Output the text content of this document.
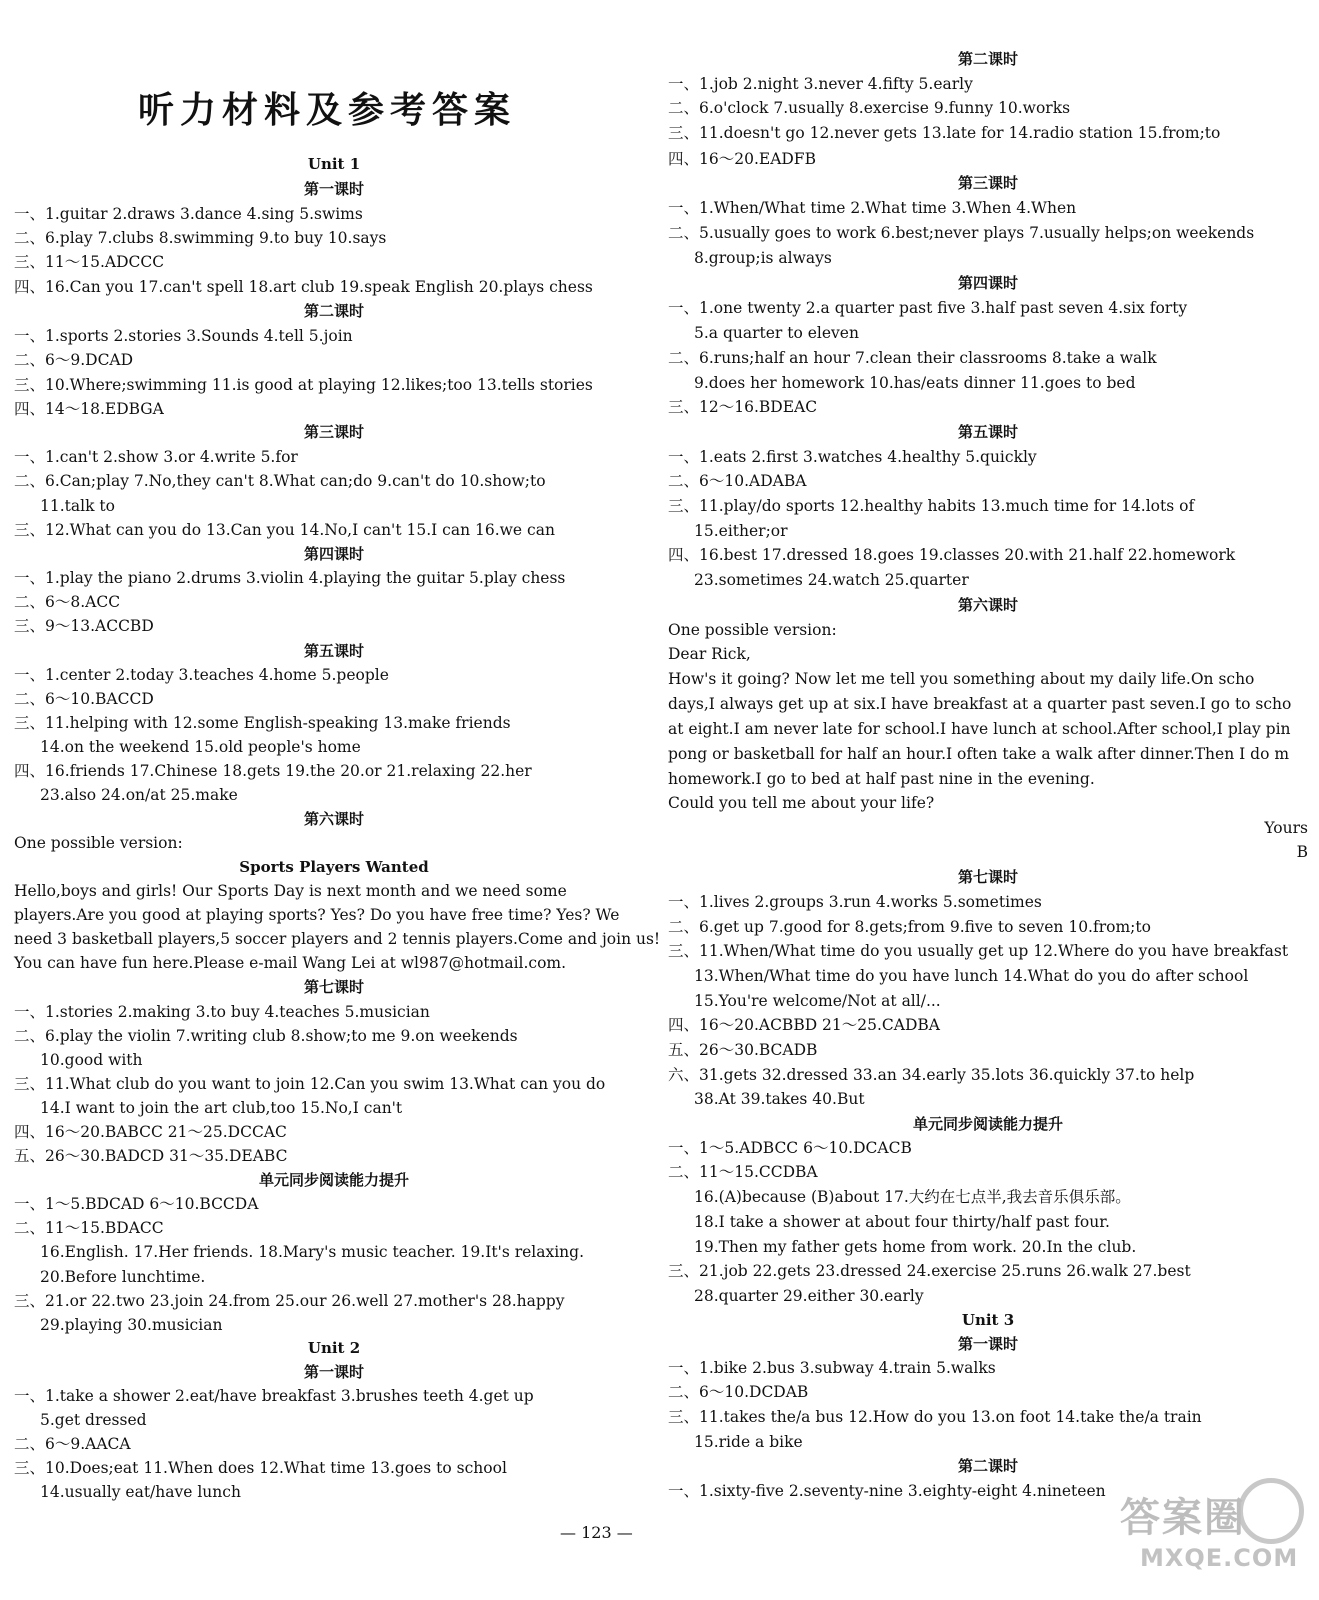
听力材料及参考答案
Unit 1
第一课时
一、1.guitar 2.draws 3.dance 4.sing 5.swims
二、6.play 7.clubs 8.swimming 9.to buy 10.says
三、11～15.ADCCC
四、16.Can you 17.can't spell 18.art club 19.speak English 20.plays chess
第二课时
一、1.sports 2.stories 3.Sounds 4.tell 5.join
二、6～9.DCAD
三、10.Where;swimming 11.is good at playing 12.likes;too 13.tells stories
四、14～18.EDBGA
第三课时
一、1.can't 2.show 3.or 4.write 5.for
二、6.Can;play 7.No,they can't 8.What can;do 9.can't do 10.show;to
11.talk to
三、12.What can you do 13.Can you 14.No,I can't 15.I can 16.we can
第四课时
一、1.play the piano 2.drums 3.violin 4.playing the guitar 5.play chess
二、6～8.ACC
三、9～13.ACCBD
第五课时
一、1.center 2.today 3.teaches 4.home 5.people
二、6～10.BACCD
三、11.helping with 12.some English-speaking 13.make friends
14.on the weekend 15.old people's home
四、16.friends 17.Chinese 18.gets 19.the 20.or 21.relaxing 22.her
23.also 24.on/at 25.make
第六课时
One possible version:
Sports Players Wanted
Hello,boys and girls! Our Sports Day is next month and we need some
players.Are you good at playing sports? Yes? Do you have free time? Yes? We
need 3 basketball players,5 soccer players and 2 tennis players.Come and join us!
You can have fun here.Please e-mail Wang Lei at wl987@hotmail.com.
第七课时
一、1.stories 2.making 3.to buy 4.teaches 5.musician
二、6.play the violin 7.writing club 8.show;to me 9.on weekends
10.good with
三、11.What club do you want to join 12.Can you swim 13.What can you do
14.I want to join the art club,too 15.No,I can't
四、16～20.BABCC 21～25.DCCAC
五、26～30.BADCD 31～35.DEABC
单元同步阅读能力提升
一、1～5.BDCAD 6～10.BCCDA
二、11～15.BDACC
16.English. 17.Her friends. 18.Mary's music teacher. 19.It's relaxing.
20.Before lunchtime.
三、21.or 22.two 23.join 24.from 25.our 26.well 27.mother's 28.happy
29.playing 30.musician
Unit 2
第一课时
一、1.take a shower 2.eat/have breakfast 3.brushes teeth 4.get up
5.get dressed
二、6～9.AACA
三、10.Does;eat 11.When does 12.What time 13.goes to school
14.usually eat/have lunch
第二课时
一、1.job 2.night 3.never 4.fifty 5.early
二、6.o'clock 7.usually 8.exercise 9.funny 10.works
三、11.doesn't go 12.never gets 13.late for 14.radio station 15.from;to
四、16～20.EADFB
第三课时
一、1.When/What time 2.What time 3.When 4.When
二、5.usually goes to work 6.best;never plays 7.usually helps;on weekends
8.group;is always
第四课时
一、1.one twenty 2.a quarter past five 3.half past seven 4.six forty
5.a quarter to eleven
二、6.runs;half an hour 7.clean their classrooms 8.take a walk
9.does her homework 10.has/eats dinner 11.goes to bed
三、12～16.BDEAC
第五课时
一、1.eats 2.first 3.watches 4.healthy 5.quickly
二、6～10.ADABA
三、11.play/do sports 12.healthy habits 13.much time for 14.lots of
15.either;or
四、16.best 17.dressed 18.goes 19.classes 20.with 21.half 22.homework
23.sometimes 24.watch 25.quarter
第六课时
One possible version:
Dear Rick,
How's it going? Now let me tell you something about my daily life.On scho
days,I always get up at six.I have breakfast at a quarter past seven.I go to scho
at eight.I am never late for school.I have lunch at school.After school,I play pin
pong or basketball for half an hour.I often take a walk after dinner.Then I do m
homework.I go to bed at half past nine in the evening.
Could you tell me about your life?
Yours
B
第七课时
一、1.lives 2.groups 3.run 4.works 5.sometimes
二、6.get up 7.good for 8.gets;from 9.five to seven 10.from;to
三、11.When/What time do you usually get up 12.Where do you have breakfast
13.When/What time do you have lunch 14.What do you do after school
15.You're welcome/Not at all/...
四、16～20.ACBBD 21～25.CADBA
五、26～30.BCADB
六、31.gets 32.dressed 33.an 34.early 35.lots 36.quickly 37.to help
38.At 39.takes 40.But
单元同步阅读能力提升
一、1～5.ADBCC 6～10.DCACB
二、11～15.CCDBA
16.(A)because (B)about 17.大约在七点半,我去音乐俱乐部。
18.I take a shower at about four thirty/half past four.
19.Then my father gets home from work. 20.In the club.
三、21.job 22.gets 23.dressed 24.exercise 25.runs 26.walk 27.best
28.quarter 29.either 30.early
Unit 3
第一课时
一、1.bike 2.bus 3.subway 4.train 5.walks
二、6～10.DCDAB
三、11.takes the/a bus 12.How do you 13.on foot 14.take the/a train
15.ride a bike
第二课时
一、1.sixty-five 2.seventy-nine 3.eighty-eight 4.nineteen
— 123 —	答案圈
MXQE.COM
